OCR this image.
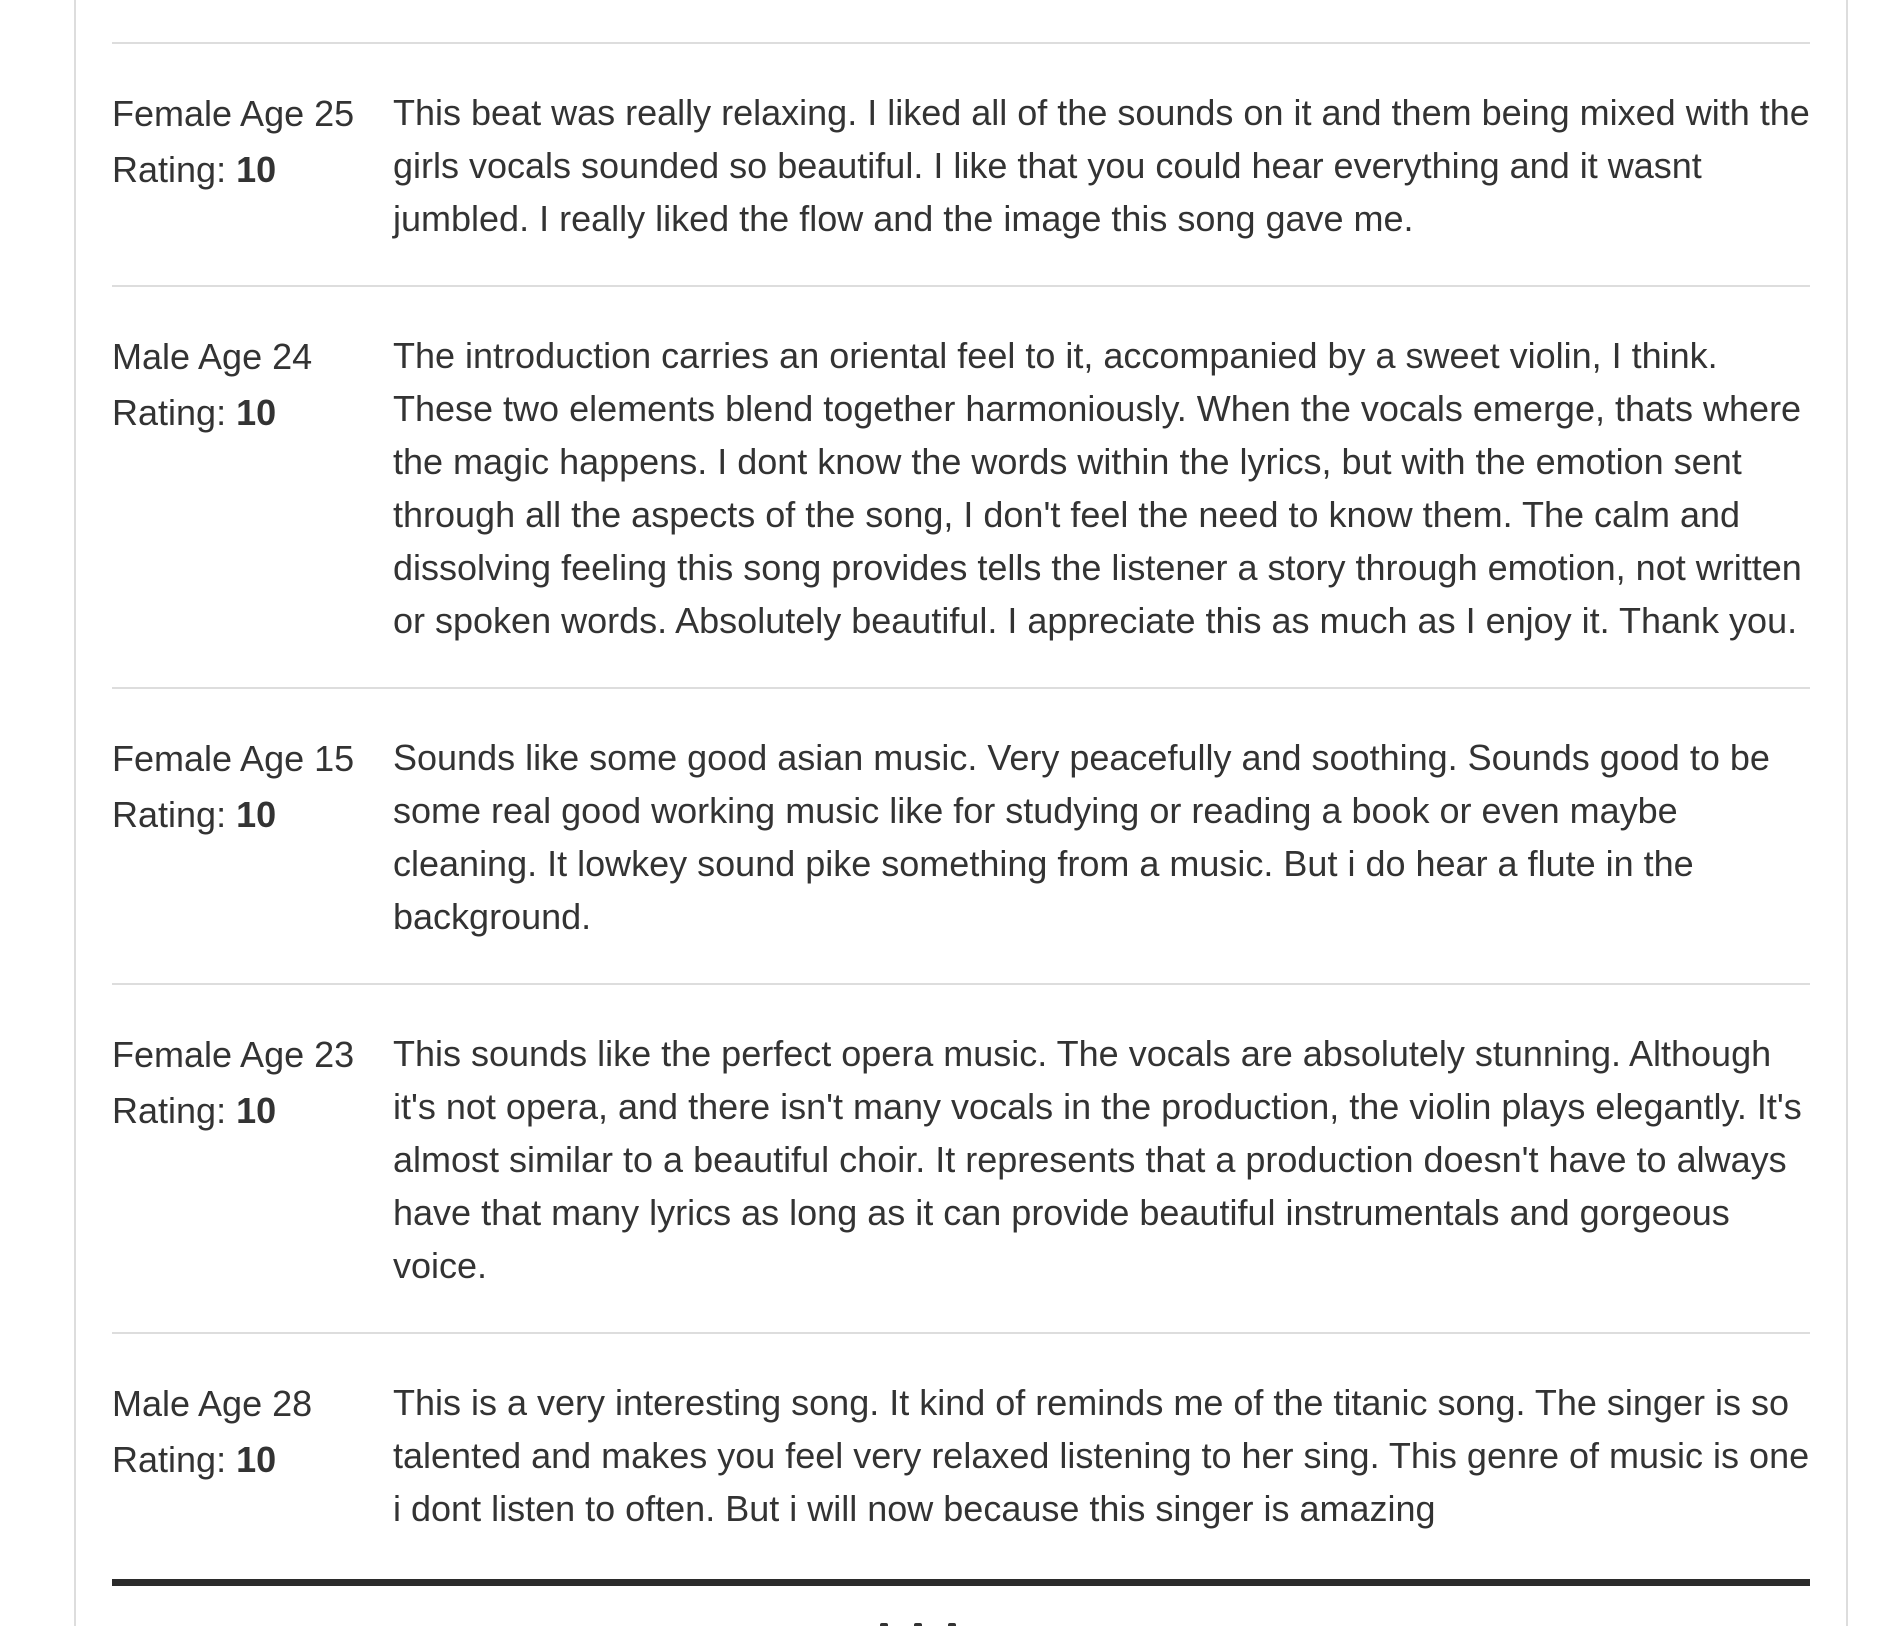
Female Age 25
Rating: 10

This beat was really relaxing. I liked all of the sounds on it and them being mixed with the girls vocals sounded so beautiful. I like that you could hear everything and it wasnt jumbled. I really liked the flow and the image this song gave me.

Male Age 24
Rating: 10

The introduction carries an oriental feel to it, accompanied by a sweet violin, I think. These two elements blend together harmoniously. When the vocals emerge, thats where the magic happens. I dont know the words within the lyrics, but with the emotion sent through all the aspects of the song, I don't feel the need to know them. The calm and dissolving feeling this song provides tells the listener a story through emotion, not written or spoken words. Absolutely beautiful. I appreciate this as much as I enjoy it. Thank you.

Female Age 15
Rating: 10

Sounds like some good asian music. Very peacefully and soothing. Sounds good to be some real good working music like for studying or reading a book or even maybe cleaning. It lowkey sound pike something from a music. But i do hear a flute in the background.

Female Age 23
Rating: 10

This sounds like the perfect opera music. The vocals are absolutely stunning. Although it's not opera, and there isn't many vocals in the production, the violin plays elegantly. It's almost similar to a beautiful choir. It represents that a production doesn't have to always have that many lyrics as long as it can provide beautiful instrumentals and gorgeous voice.

Male Age 28
Rating: 10

This is a very interesting song. It kind of reminds me of the titanic song. The singer is so talented and makes you feel very relaxed listening to her sing. This genre of music is one i dont listen to often. But i will now because this singer is amazing
